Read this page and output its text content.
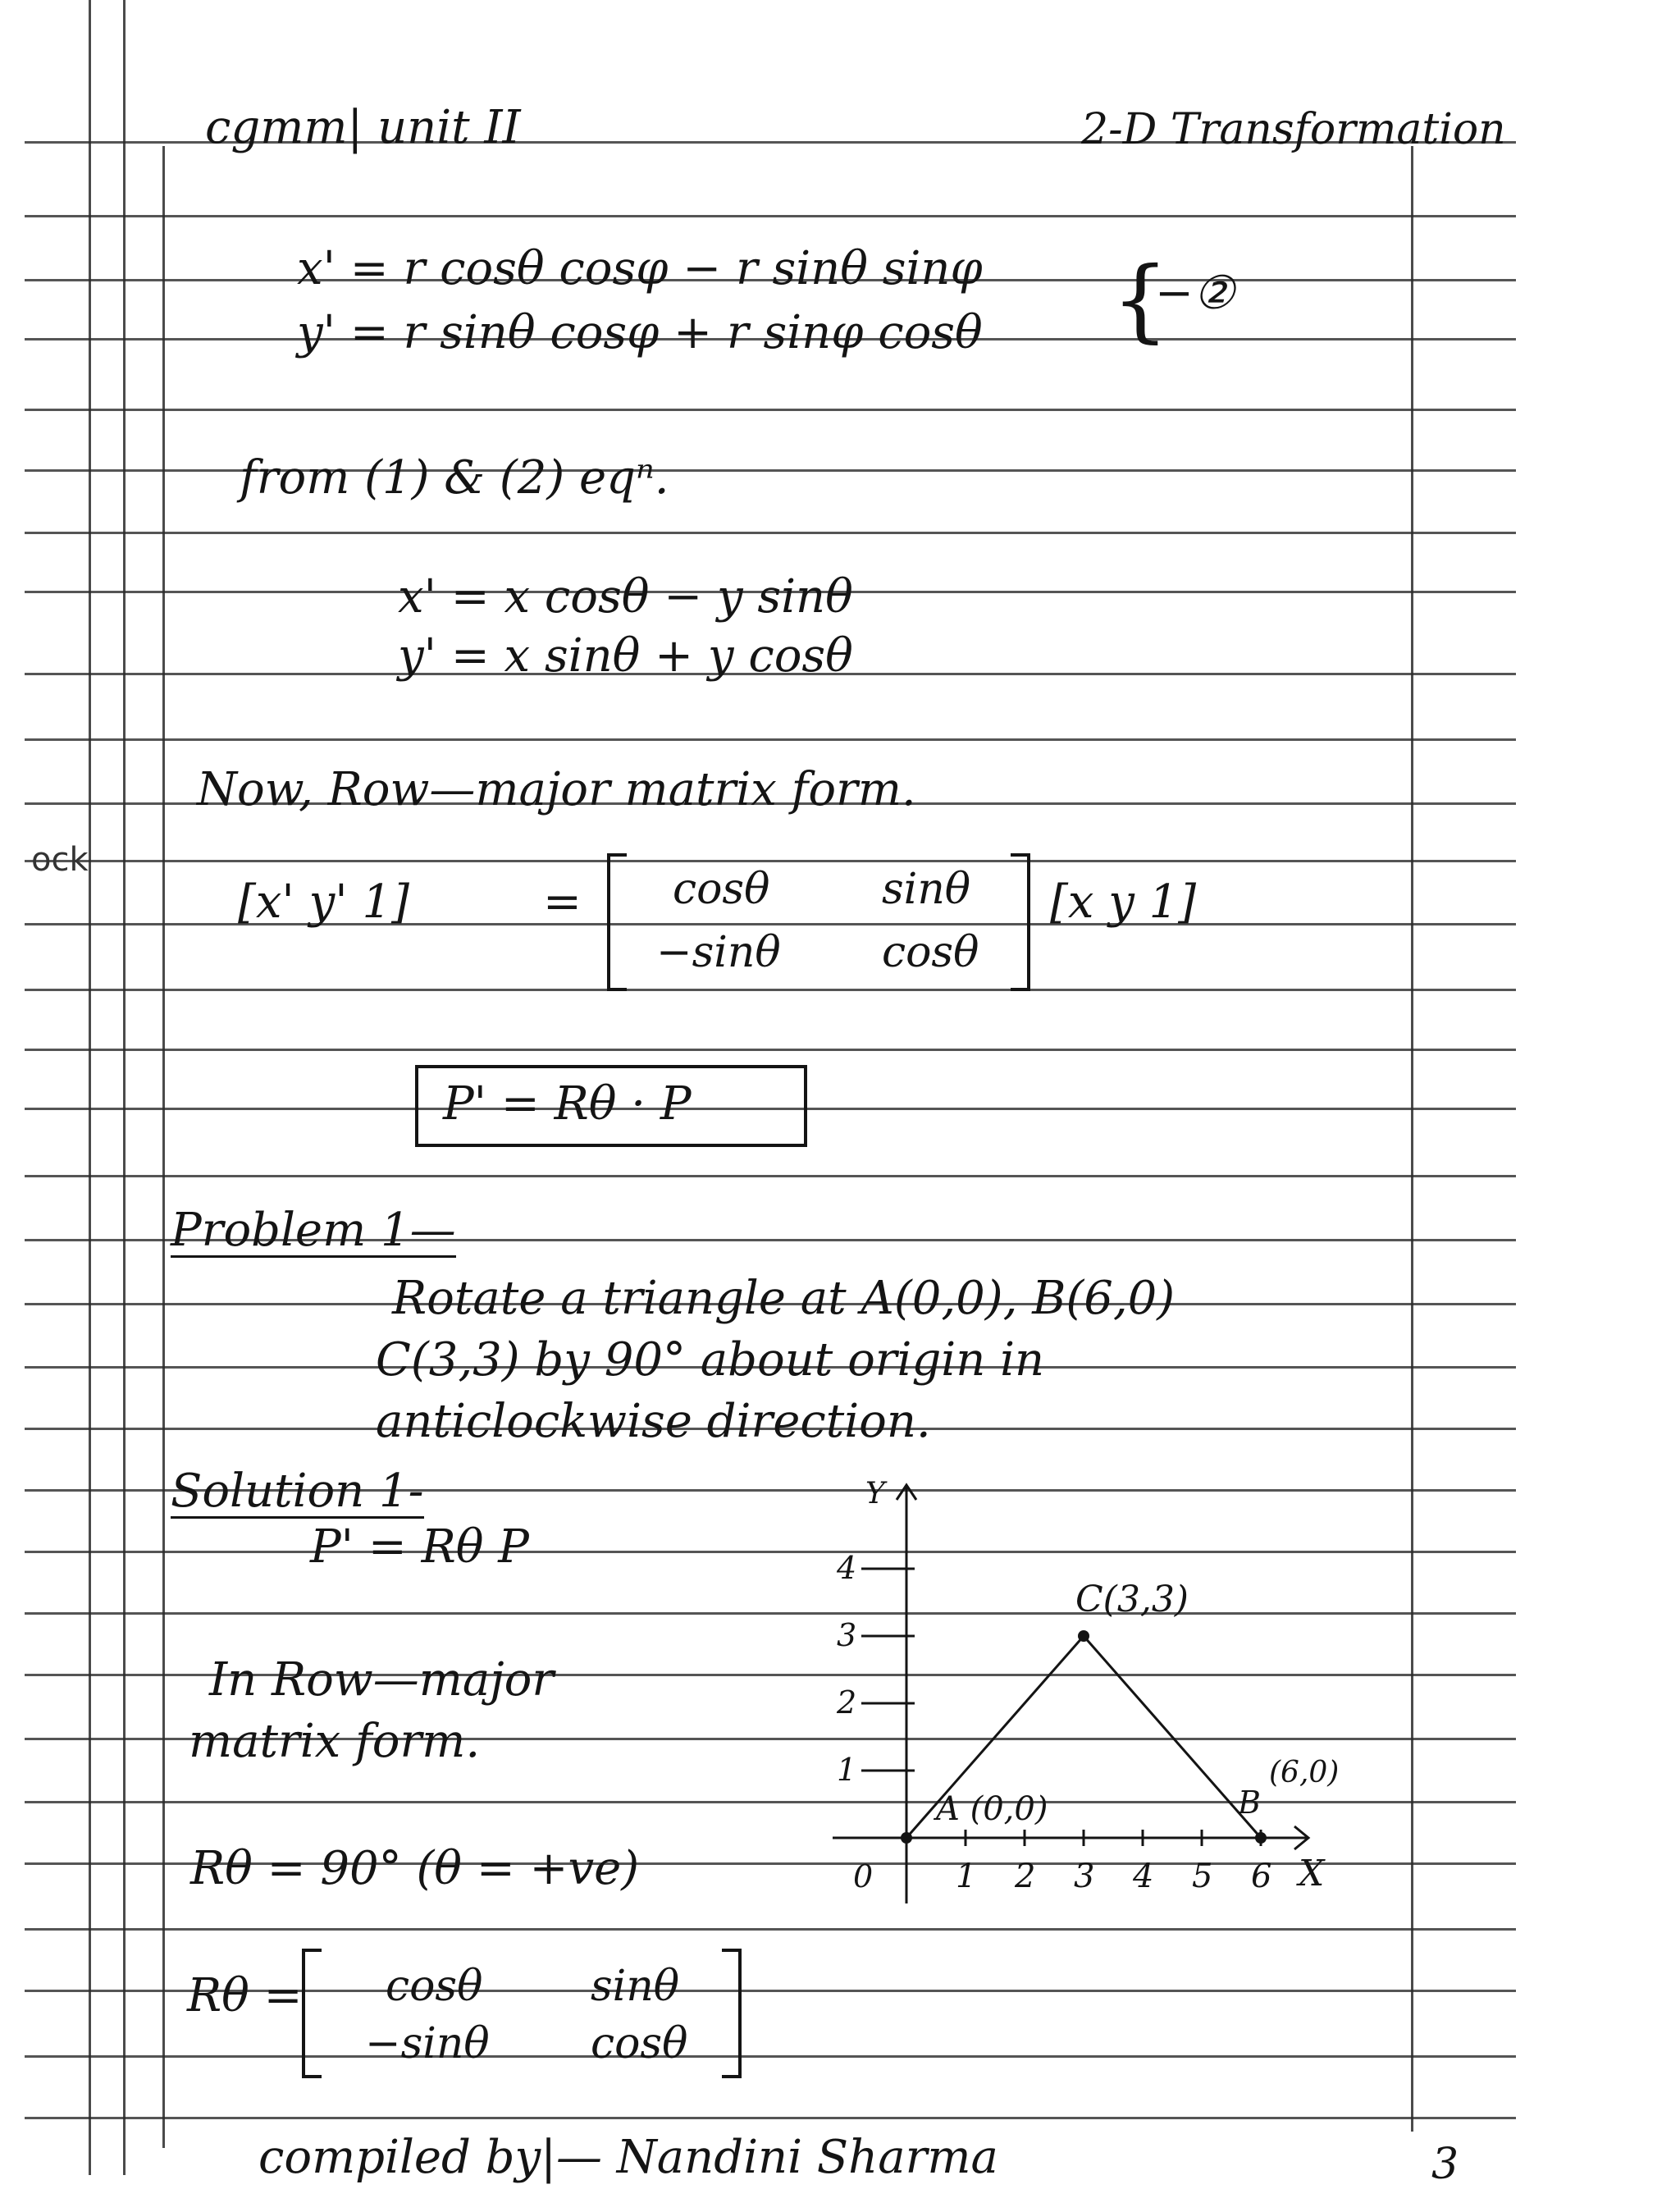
ock
cgmm| unit II	2-D Transformation
x' = r cosθ cosφ − r sinθ sinφ
y' = r sinθ cosφ + r sinφ cosθ {
−②
from (1) & (2) eqⁿ.
x' = x cosθ − y sinθ
y' = x sinθ + y cosθ
Now, Row—major matrix form.
[x' y' 1]	= cosθ	sinθ
−sinθ cosθ
[x y 1]
P' = Rθ · P
Problem 1—
Rotate a triangle at A(0,0), B(6,0)
C(3,3) by 90° about origin in
anticlockwise direction.
Solution 1-
P' = Rθ P
In Row—major
matrix form.
Rθ = 90° (θ = +ve)
Rθ = cosθ	sinθ
−sinθ cosθ
X
Y
0	1 2 3 4 5 6
1
2
3
4
A (0,0)	B
(6,0)
C(3,3)
compiled by|— Nandini Sharma	3
